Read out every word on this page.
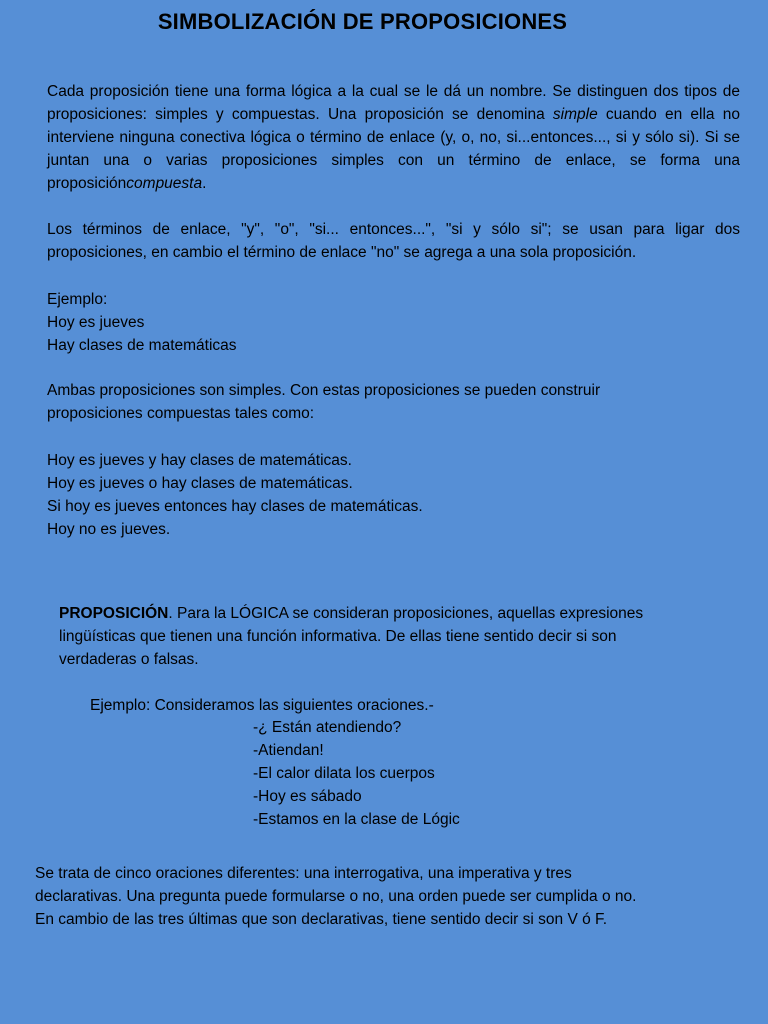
SIMBOLIZACIÓN DE PROPOSICIONES
Cada proposición tiene una forma lógica a la cual se le dá un nombre. Se distinguen dos tipos de proposiciones: simples y compuestas. Una proposición se denomina simple cuando en ella no interviene ninguna conectiva lógica o término de enlace (y, o, no, si...entonces..., si y sólo si). Si se juntan una o varias proposiciones simples con un término de enlace, se forma una proposicióncompuesta.
Los términos de enlace, "y", "o", "si... entonces...", "si y sólo si"; se usan para ligar dos proposiciones, en cambio el término de enlace "no" se agrega a una sola proposición.
Ejemplo:
Hoy es jueves
Hay clases de matemáticas
Ambas proposiciones son simples. Con estas proposiciones se pueden construir
proposiciones compuestas tales como:
Hoy es jueves y hay clases de matemáticas.
Hoy es jueves o hay clases de matemáticas.
Si hoy es jueves entonces hay clases de matemáticas.
Hoy no es jueves.
PROPOSICIÓN. Para la LÓGICA se consideran proposiciones, aquellas expresiones
lingüísticas que tienen una función informativa. De ellas tiene sentido decir si son
verdaderas o falsas.
Ejemplo: Consideramos las siguientes oraciones.-
-¿ Están atendiendo?
-Atiendan!
-El calor dilata los cuerpos
-Hoy es sábado
-Estamos en la clase de Lógic
Se trata de cinco oraciones diferentes: una interrogativa, una imperativa y tres
declarativas. Una pregunta puede formularse o no, una orden puede ser cumplida o no.
En cambio de las tres últimas que son declarativas, tiene sentido decir si son V ó F.
